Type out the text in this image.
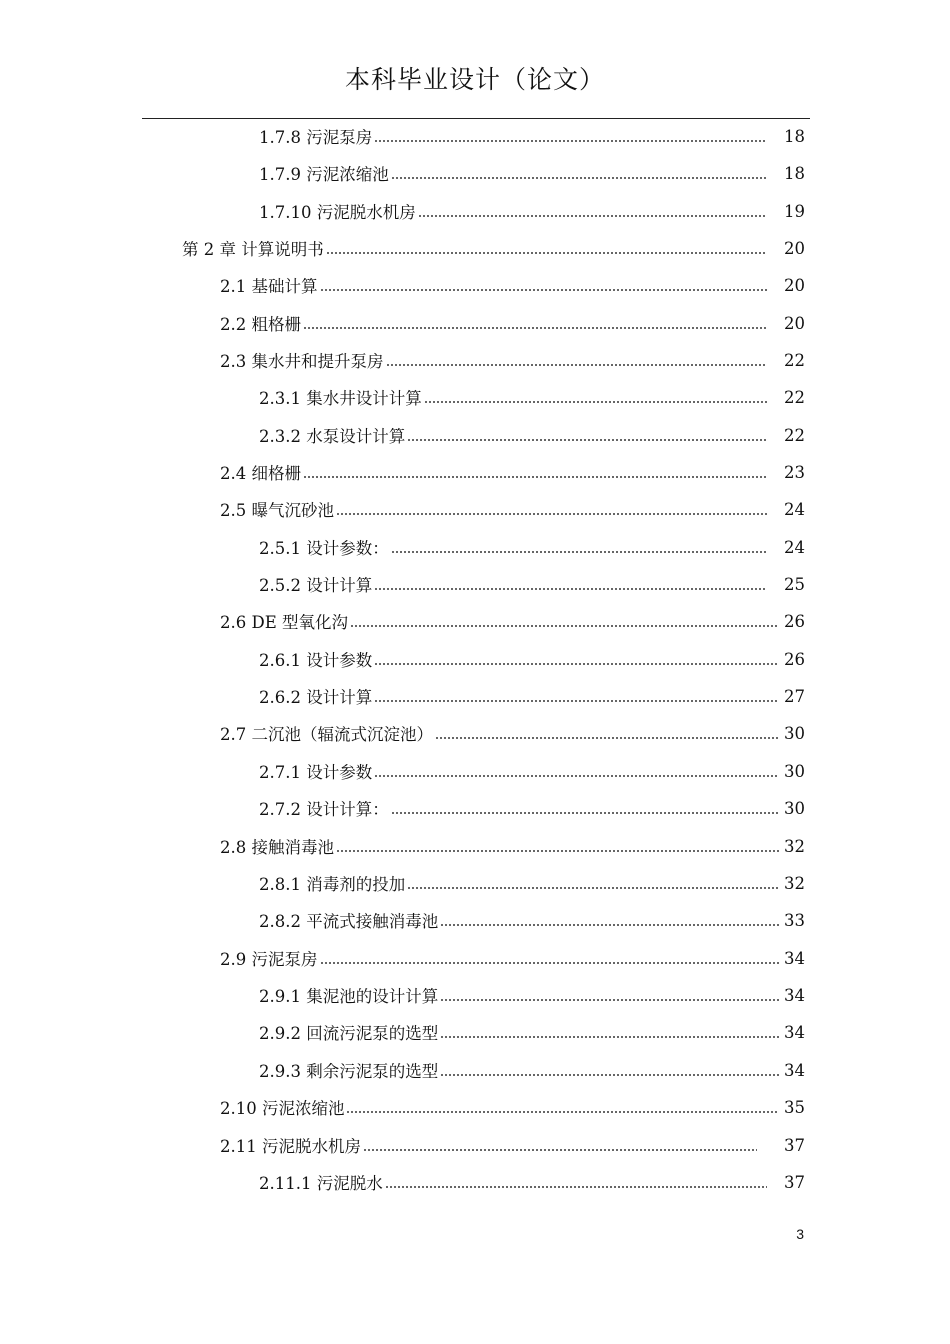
本科毕业设计（论文）
1.7.8 污泥泵房	18
1.7.9 污泥浓缩池	18
1.7.10 污泥脱水机房	19
第 2 章 计算说明书	20
2.1 基础计算	20
2.2 粗格栅	20
2.3 集水井和提升泵房	22
2.3.1 集水井设计计算	22
2.3.2 水泵设计计算	22
2.4 细格栅	23
2.5 曝气沉砂池	24
2.5.1 设计参数：	24
2.5.2 设计计算	25
2.6 DE 型氧化沟	26
2.6.1 设计参数	26
2.6.2 设计计算	27
2.7 二沉池（辐流式沉淀池）	30
2.7.1 设计参数	30
2.7.2 设计计算：	30
2.8 接触消毒池	32
2.8.1 消毒剂的投加	32
2.8.2 平流式接触消毒池	33
2.9 污泥泵房	34
2.9.1 集泥池的设计计算	34
2.9.2 回流污泥泵的选型	34
2.9.3 剩余污泥泵的选型	34
2.10 污泥浓缩池	35
2.11 污泥脱水机房	37
2.11.1 污泥脱水	37
3
